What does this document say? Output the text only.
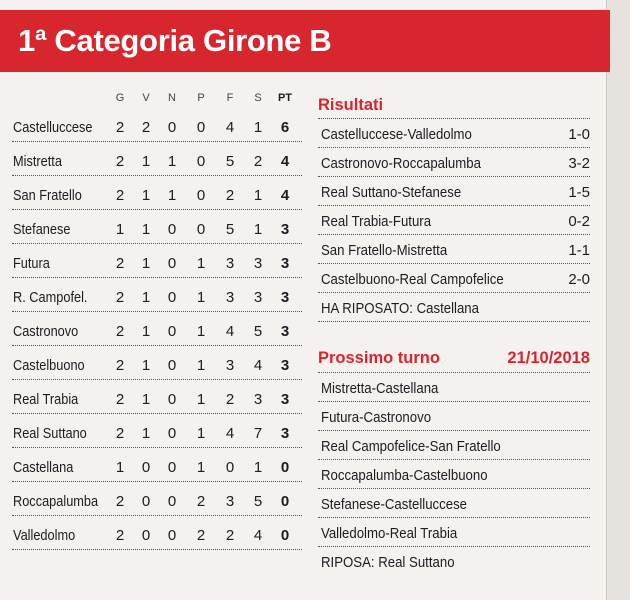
1ª Categoria Girone B
G	V	N	P	F	S	PT
Castelluccese 2 2 0 0 4 1	6
Mistretta	2 1 1 0 5 2	4
San Fratello 2 1 1 0 2 1	4
Stefanese	1 1 0 0 5 1	3
Futura	2 1 0 1 3 3	3
R. Campofel. 2 1 0 1 3 3	3
Castronovo	2 1 0 1 4 5	3
Castelbuono 2 1 0 1 3 4	3
Real Trabia	2 1 0 1 2 3	3
Real Suttano 2 1 0 1 4 7	3
Castellana	1 0 0 1 0 1	0
Roccapalumba 2 0 0 2 3 5	0
Valledolmo	2 0 0 2 2 4	0
Risultati
Castelluccese-Valledolmo	1-0
Castronovo-Roccapalumba	3-2
Real Suttano-Stefanese	1-5
Real Trabia-Futura	0-2
San Fratello-Mistretta	1-1
Castelbuono-Real Campofelice	2-0
HA RIPOSATO: Castellana
Prossimo turno	21/10/2018
Mistretta-Castellana
Futura-Castronovo
Real Campofelice-San Fratello
Roccapalumba-Castelbuono
Stefanese-Castelluccese
Valledolmo-Real Trabia
RIPOSA: Real Suttano
